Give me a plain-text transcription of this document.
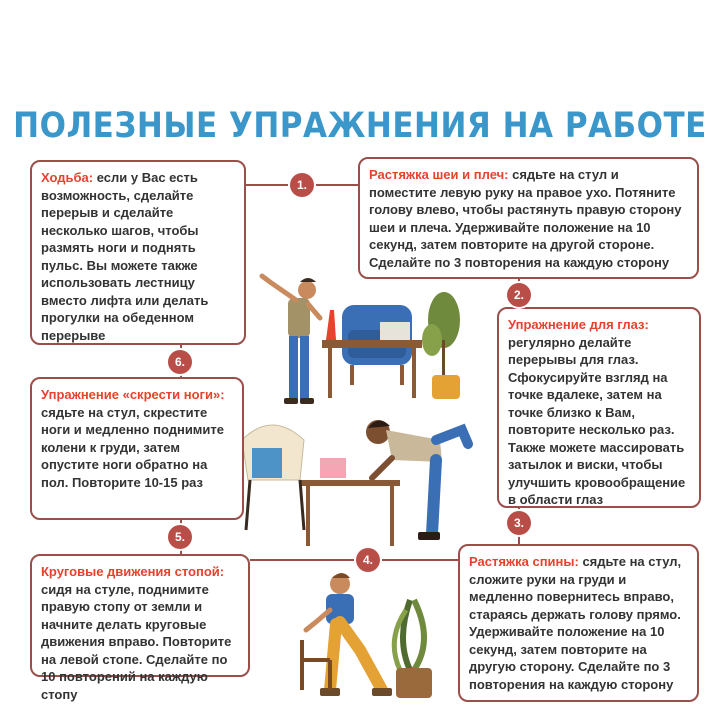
ПОЛЕЗНЫЕ УПРАЖНЕНИЯ НА РАБОТЕ
Ходьба: если у Вас есть возможность, сделайте перерыв и сделайте несколько шагов, чтобы размять ноги и поднять пульс. Вы можете также использовать лестницу вместо лифта или делать прогулки на обеденном перерыве
Растяжка шеи и плеч: сядьте на стул и поместите левую руку на правое ухо. Потяните голову влево, чтобы растянуть правую сторону шеи и плеча. Удерживайте положение на 10 секунд, затем повторите на другой стороне. Сделайте по 3 повторения на каждую сторону
Упражнение для глаз: регулярно делайте перерывы для глаз. Сфокусируйте взгляд на точке вдалеке, затем на точке близко к Вам, повторите несколько раз. Также можете массировать затылок и виски, чтобы улучшить кровообращение в области глаз
Растяжка спины: сядьте на стул, сложите руки на груди и медленно повернитесь вправо, стараясь держать голову прямо. Удерживайте положение на 10 секунд, затем повторите на другую сторону. Сделайте по 3 повторения на каждую сторону
Круговые движения стопой: сидя на стуле, поднимите правую стопу от земли и начните делать круговые движения вправо. Повторите на левой стопе. Сделайте по 10 повторений на каждую стопу
Упражнение «скрести ноги»: сядьте на стул, скрестите ноги и медленно поднимите колени к груди, затем опустите ноги обратно на пол. Повторите 10-15 раз
1.
2.
3.
4.
5.
6.
